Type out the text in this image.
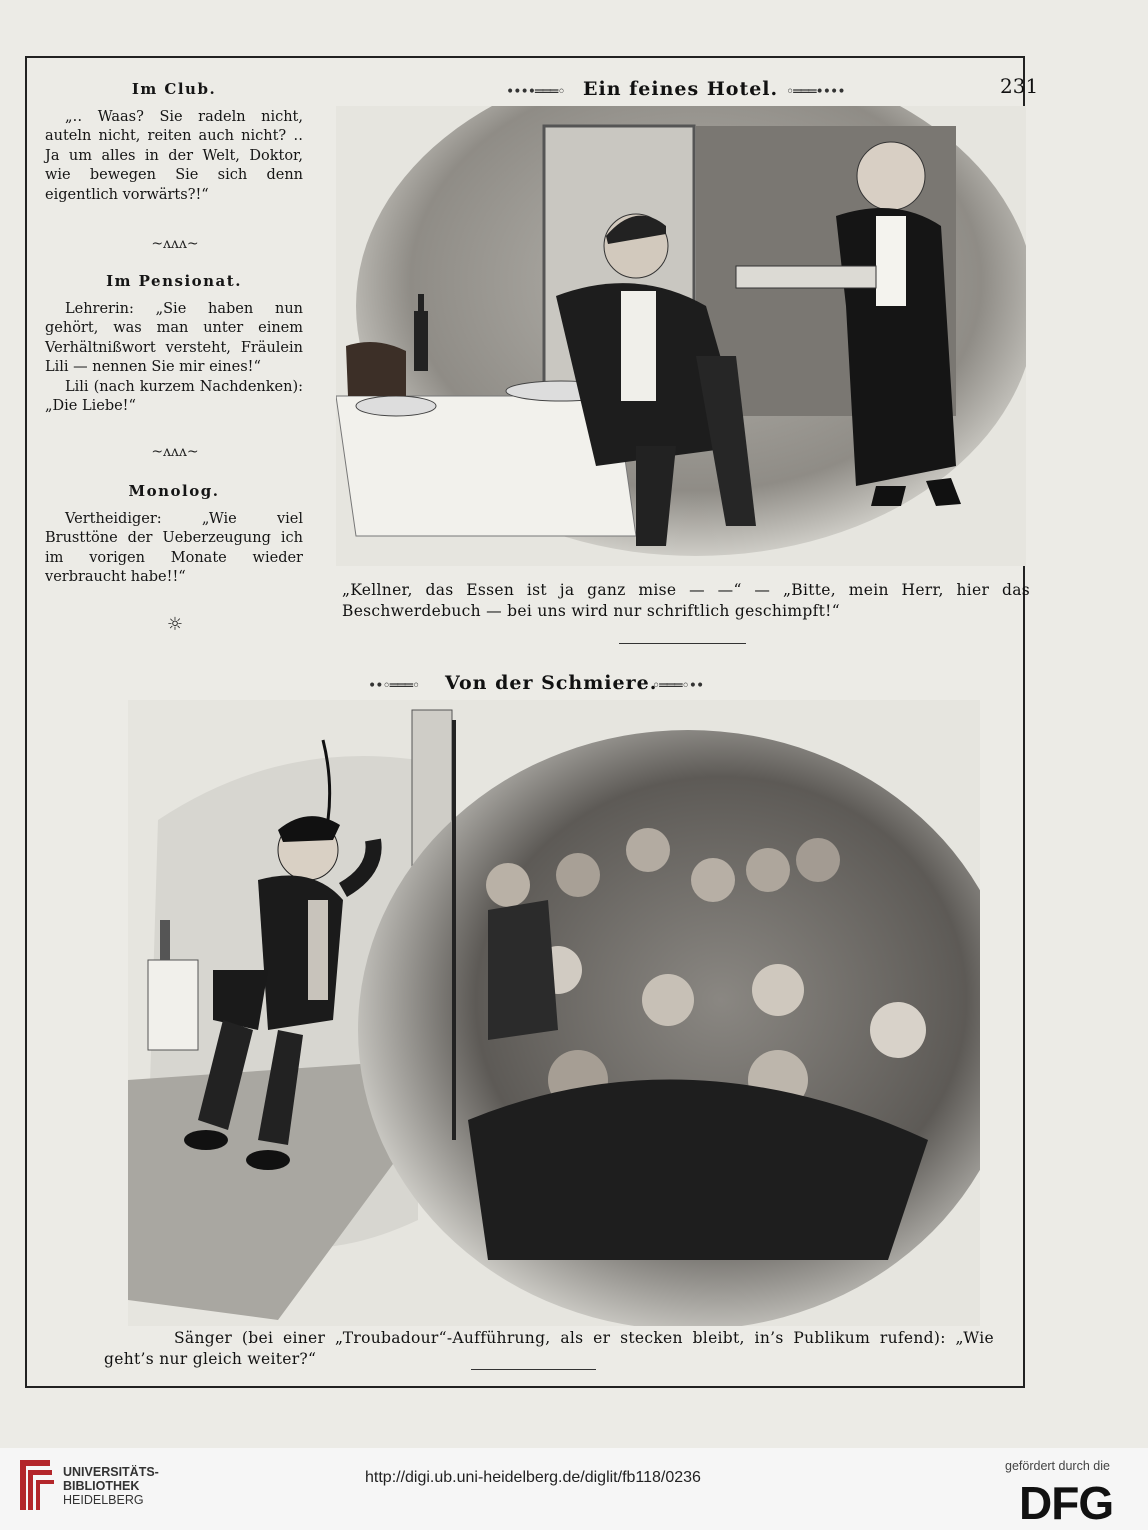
••••═══◦ Ein feines Hotel. ◦═══••••	231
Im Club.

„‥ Waas? Sie radeln nicht, auteln nicht, reiten auch nicht? ‥ Ja um alles in der Welt, Doktor, wie bewegen Sie sich denn eigentlich vorwärts?!“

~ʌʌʌ~
Im Pensionat.

Lehrerin: „Sie haben nun gehört, was man unter einem Verhältnißwort versteht, Fräulein Lili — nennen Sie mir eines!“

Lili (nach kurzem Nachdenken): „Die Liebe!“

~ʌʌʌ~
Monolog.

Vertheidiger: „Wie viel Brusttöne der Ueberzeugung ich im vorigen Monate wieder verbraucht habe!!“

☼
„Kellner, das Essen ist ja ganz mise — —“ — „Bitte, mein Herr, hier das Beschwerdebuch — bei uns wird nur schriftlich geschimpft!“
••◦═══◦ Von der Schmiere.
◦═══◦••
Sänger (bei einer „Troubadour“-Aufführung, als er stecken bleibt, in’s Publikum rufend): „Wie geht’s nur gleich weiter?“
UNIVERSITÄTS-
BIBLIOTHEK
HEIDELBERG
http://digi.ub.uni-heidelberg.de/diglit/fb118/0236
gefördert durch die
DFG
